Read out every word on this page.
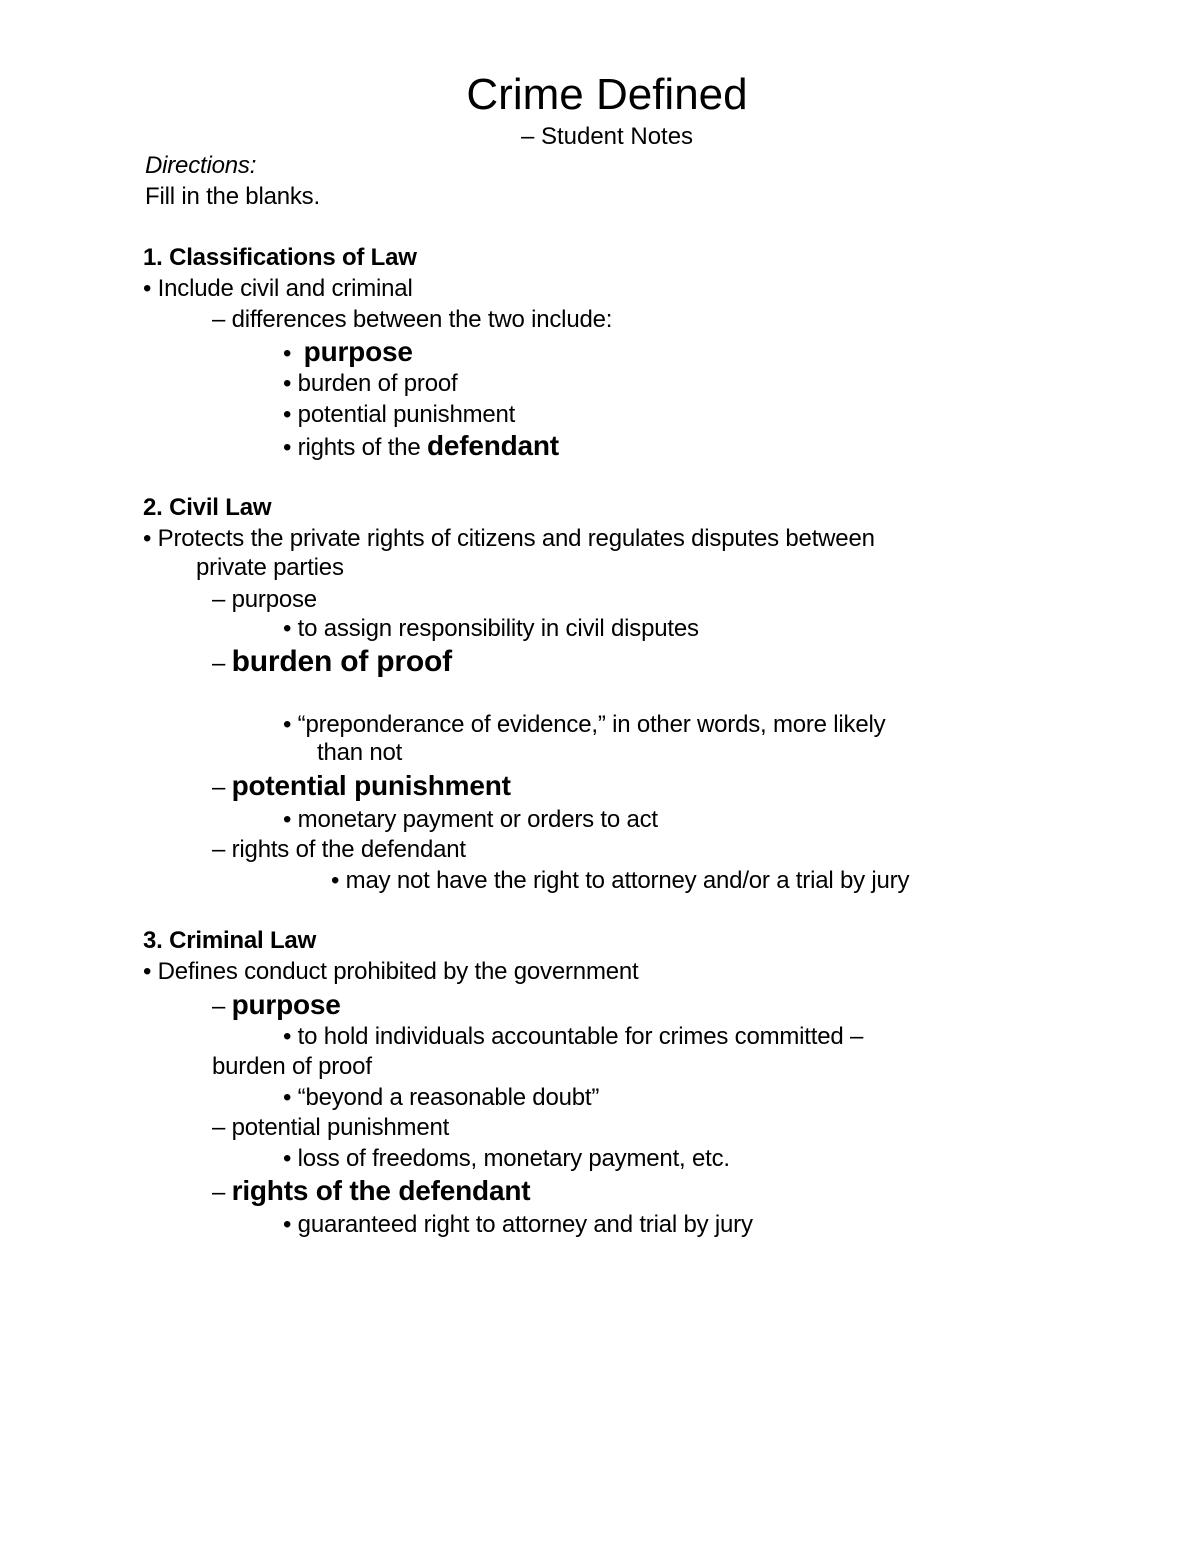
Crime Defined
– Student Notes
Directions:
Fill in the blanks.
1. Classifications of Law
• Include civil and criminal
– differences between the two include:
• purpose
• burden of proof
• potential punishment
• rights of the defendant
2. Civil Law
• Protects the private rights of citizens and regulates disputes between
private parties
– purpose
• to assign responsibility in civil disputes
– burden of proof
• “preponderance of evidence,” in other words, more likely
than not
– potential punishment
• monetary payment or orders to act
– rights of the defendant
• may not have the right to attorney and/or a trial by jury
3. Criminal Law
• Defines conduct prohibited by the government
– purpose
• to hold individuals accountable for crimes committed –
burden of proof
• “beyond a reasonable doubt”
– potential punishment
• loss of freedoms, monetary payment, etc.
– rights of the defendant
• guaranteed right to attorney and trial by jury
